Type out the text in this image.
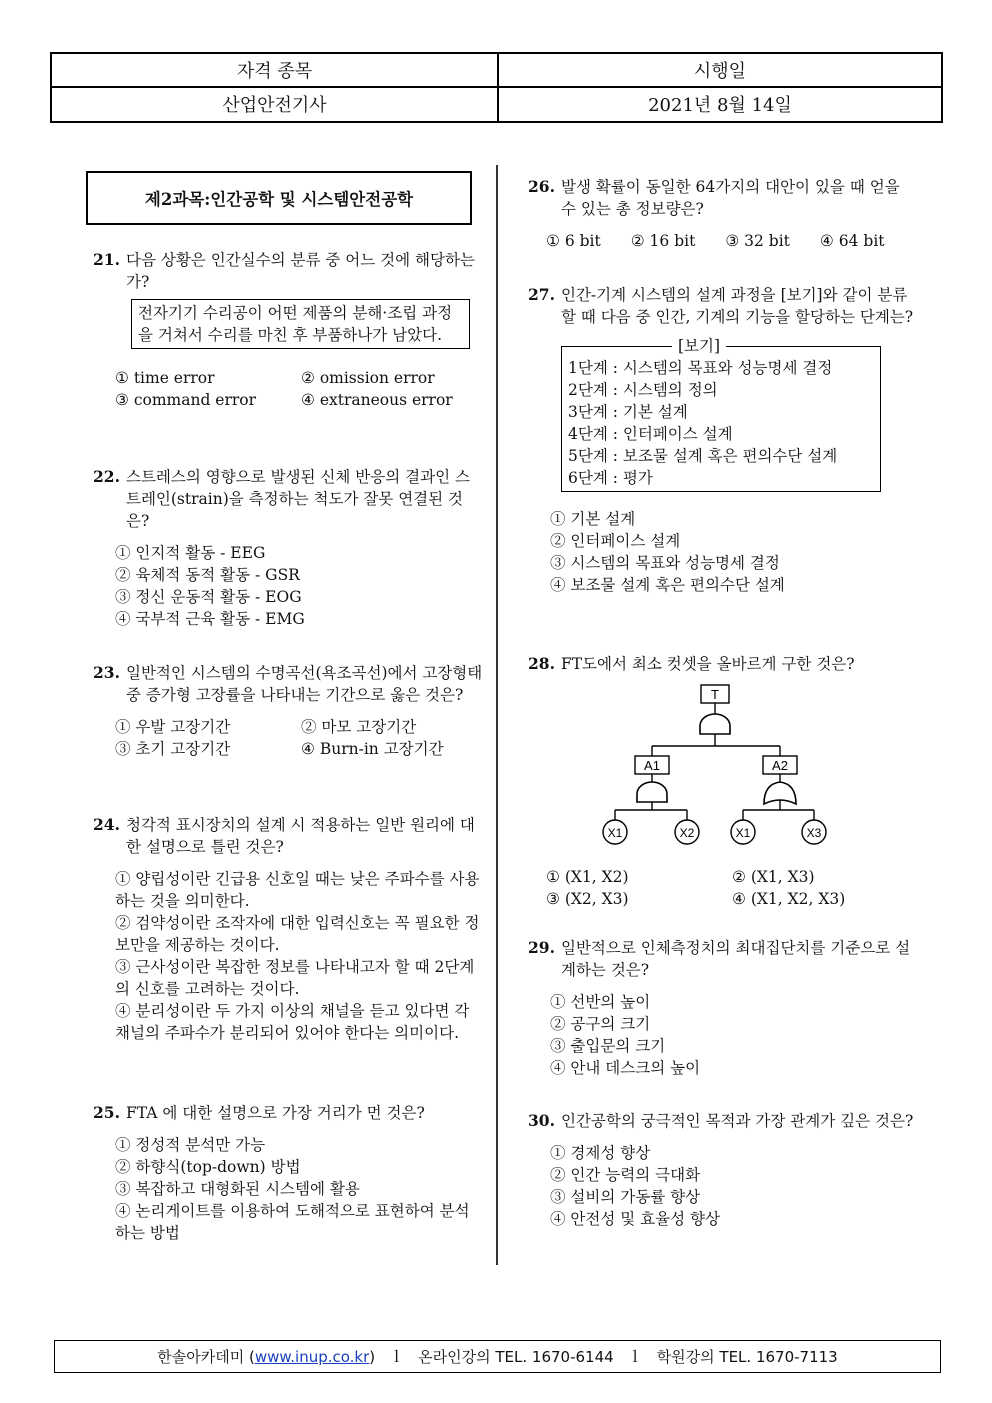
자격 종목	시행일
산업안전기사	2021년 8월 14일
제2과목:인간공학 및 시스템안전공학
21. 다음 상황은 인간실수의 분류 중 어느 것에 해당하는가?
전자기기 수리공이 어떤 제품의 분해·조립 과정을 거쳐서 수리를 마친 후 부품하나가 남았다.
① time error	② omission error
③ command error	④ extraneous error
22. 스트레스의 영향으로 발생된 신체 반응의 결과인 스트레인(strain)을 측정하는 척도가 잘못 연결된 것은?
① 인지적 활동 - EEG
② 육체적 동적 활동 - GSR
③ 정신 운동적 활동 - EOG
④ 국부적 근육 활동 - EMG
23. 일반적인 시스템의 수명곡선(욕조곡선)에서 고장형태 중 증가형 고장률을 나타내는 기간으로 옳은 것은?
① 우발 고장기간	② 마모 고장기간
③ 초기 고장기간	④ Burn-in 고장기간
24. 청각적 표시장치의 설계 시 적용하는 일반 원리에 대한 설명으로 틀린 것은?
① 양립성이란 긴급용 신호일 때는 낮은 주파수를 사용하는 것을 의미한다.
② 검약성이란 조작자에 대한 입력신호는 꼭 필요한 정보만을 제공하는 것이다.
③ 근사성이란 복잡한 정보를 나타내고자 할 때 2단계의 신호를 고려하는 것이다.
④ 분리성이란 두 가지 이상의 채널을 듣고 있다면 각 채널의 주파수가 분리되어 있어야 한다는 의미이다.
25. FTA 에 대한 설명으로 가장 거리가 먼 것은?
① 정성적 분석만 가능
② 하향식(top-down) 방법
③ 복잡하고 대형화된 시스템에 활용
④ 논리게이트를 이용하여 도해적으로 표현하여 분석하는 방법
26. 발생 확률이 동일한 64가지의 대안이 있을 때 얻을 수 있는 총 정보량은?
① 6 bit ② 16 bit ③ 32 bit ④ 64 bit
27. 인간-기계 시스템의 설계 과정을 [보기]와 같이 분류할 때 다음 중 인간, 기계의 기능을 할당하는 단계는?
[보기]
1단계 : 시스템의 목표와 성능명세 결정
2단계 : 시스템의 정의
3단계 : 기본 설계
4단계 : 인터페이스 설계
5단계 : 보조물 설계 혹은 편의수단 설계
6단계 : 평가
① 기본 설계
② 인터페이스 설계
③ 시스템의 목표와 성능명세 결정
④ 보조물 설계 혹은 편의수단 설계
28. FT도에서 최소 컷셋을 올바르게 구한 것은?
T
A1	A2
X1	X2	X1	X3
① (X1, X2)	② (X1, X3)
③ (X2, X3)	④ (X1, X2, X3)
29. 일반적으로 인체측정치의 최대집단치를 기준으로 설계하는 것은?
① 선반의 높이
② 공구의 크기
③ 출입문의 크기
④ 안내 데스크의 높이
30. 인간공학의 궁극적인 목적과 가장 관계가 깊은 것은?
① 경제성 향상
② 인간 능력의 극대화
③ 설비의 가동률 향상
④ 안전성 및 효율성 향상
한솔아카데미 ( www.inup.co.kr ) ｌ 온라인강의 TEL. 1670-6144 ｌ 학원강의 TEL. 1670-7113
